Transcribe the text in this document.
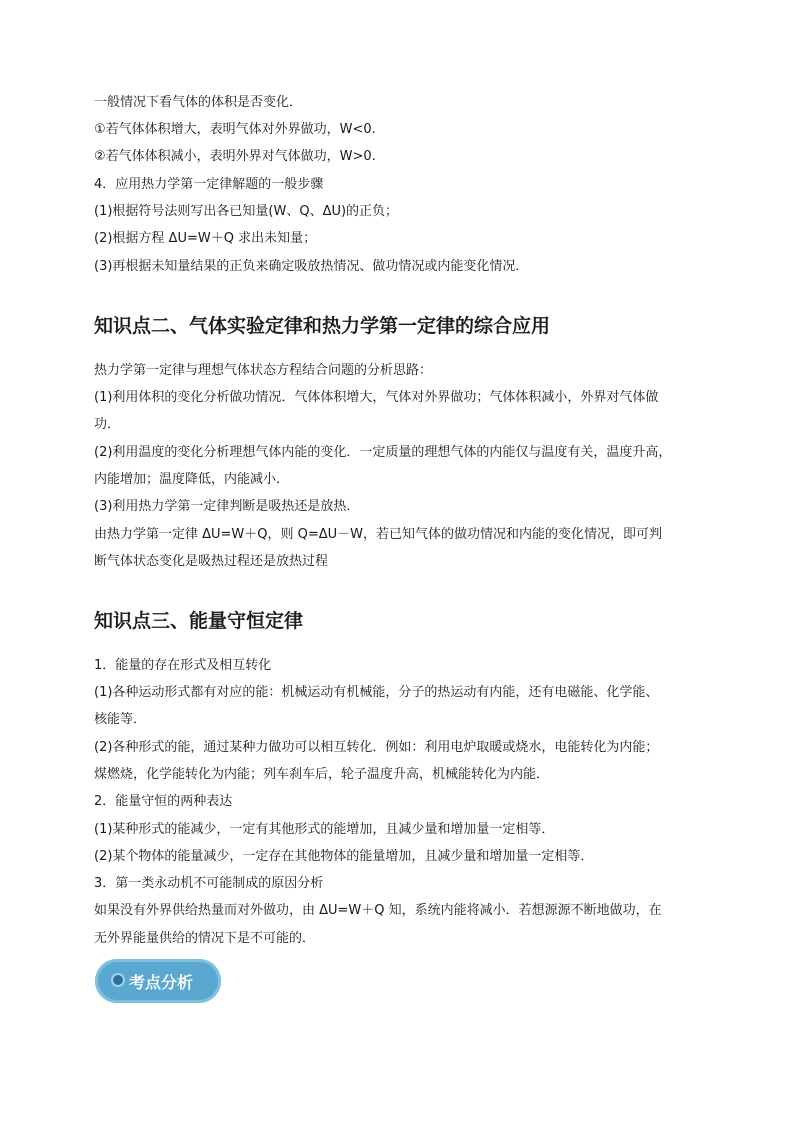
一般情况下看气体的体积是否变化．
①若气体体积增大，表明气体对外界做功，W<0.
②若气体体积减小，表明外界对气体做功，W>0.
4．应用热力学第一定律解题的一般步骤
(1)根据符号法则写出各已知量(W、Q、ΔU)的正负；
(2)根据方程 ΔU=W＋Q 求出未知量；
(3)再根据未知量结果的正负来确定吸放热情况、做功情况或内能变化情况．
知识点二、气体实验定律和热力学第一定律的综合应用
热力学第一定律与理想气体状态方程结合问题的分析思路：
(1)利用体积的变化分析做功情况．气体体积增大，气体对外界做功；气体体积减小，外界对气体做
功．
(2)利用温度的变化分析理想气体内能的变化．一定质量的理想气体的内能仅与温度有关，温度升高，
内能增加；温度降低，内能减小．
(3)利用热力学第一定律判断是吸热还是放热．
由热力学第一定律 ΔU=W＋Q，则 Q=ΔU－W，若已知气体的做功情况和内能的变化情况，即可判
断气体状态变化是吸热过程还是放热过程
知识点三、能量守恒定律
1．能量的存在形式及相互转化
(1)各种运动形式都有对应的能：机械运动有机械能，分子的热运动有内能，还有电磁能、化学能、
核能等．
(2)各种形式的能，通过某种力做功可以相互转化．例如：利用电炉取暖或烧水，电能转化为内能；
煤燃烧，化学能转化为内能；列车刹车后，轮子温度升高，机械能转化为内能．
2．能量守恒的两种表达
(1)某种形式的能减少，一定有其他形式的能增加，且减少量和增加量一定相等．
(2)某个物体的能量减少，一定存在其他物体的能量增加，且减少量和增加量一定相等．
3．第一类永动机不可能制成的原因分析
如果没有外界供给热量而对外做功，由 ΔU=W＋Q 知，系统内能将减小．若想源源不断地做功，在
无外界能量供给的情况下是不可能的．
考点分析
